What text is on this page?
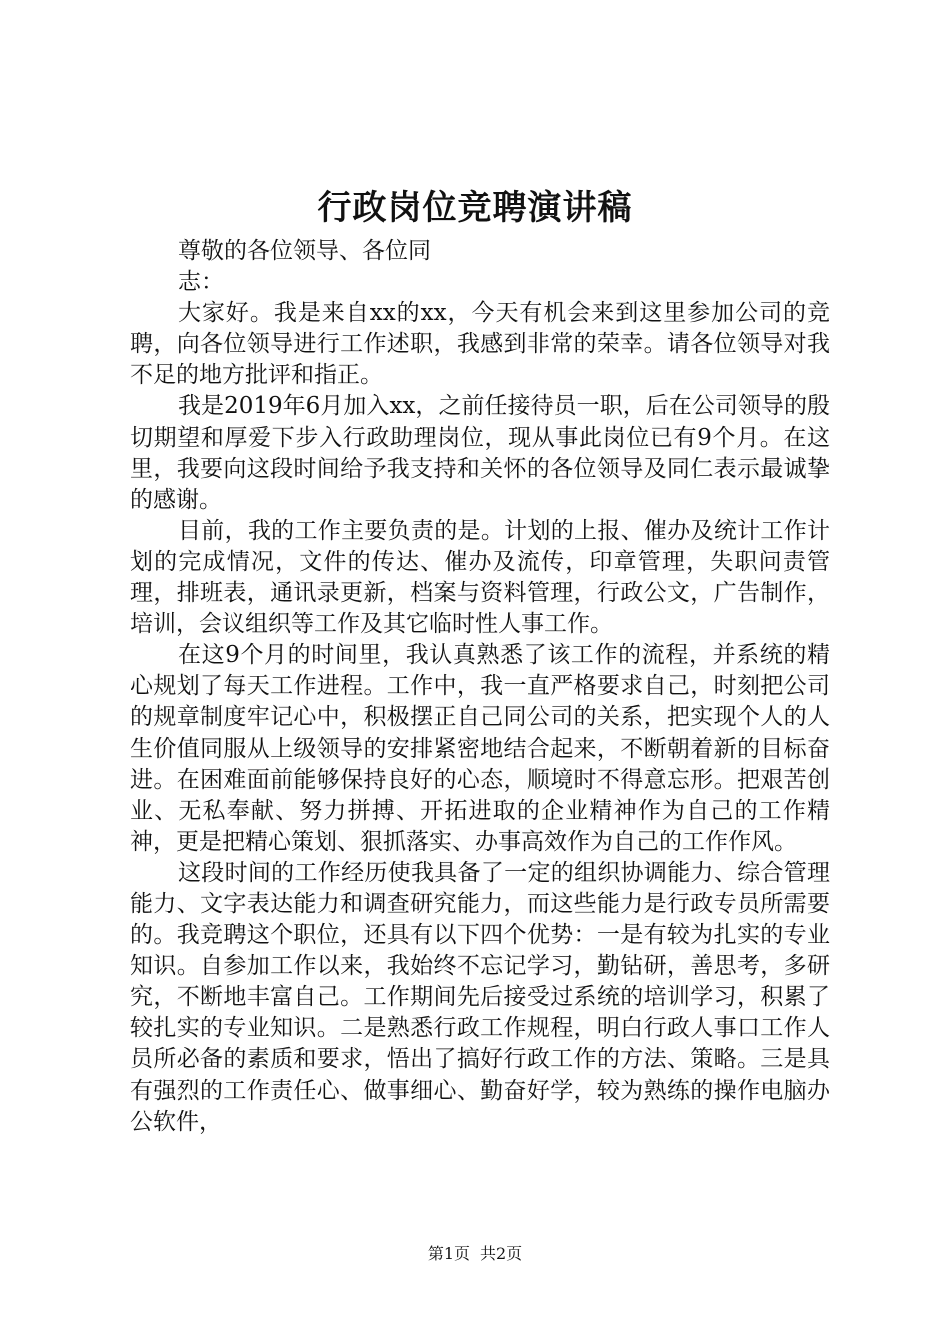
行政岗位竞聘演讲稿

尊敬的各位领导、各位同志：

大家好。我是来自xx的xx，今天有机会来到这里参加公司的竞聘，向各位领导进行工作述职，我感到非常的荣幸。请各位领导对我不足的地方批评和指正。

我是2019年6月加入xx，之前任接待员一职，后在公司领导的殷切期望和厚爱下步入行政助理岗位，现从事此岗位已有9个月。在这里，我要向这段时间给予我支持和关怀的各位领导及同仁表示最诚挚的感谢。

目前，我的工作主要负责的是。计划的上报、催办及统计工作计划的完成情况，文件的传达、催办及流传，印章管理，失职问责管理，排班表，通讯录更新，档案与资料管理，行政公文，广告制作，培训，会议组织等工作及其它临时性人事工作。

在这9个月的时间里，我认真熟悉了该工作的流程，并系统的精心规划了每天工作进程。工作中，我一直严格要求自己，时刻把公司的规章制度牢记心中，积极摆正自己同公司的关系，把实现个人的人生价值同服从上级领导的安排紧密地结合起来，不断朝着新的目标奋进。在困难面前能够保持良好的心态，顺境时不得意忘形。把艰苦创业、无私奉献、努力拼搏、开拓进取的企业精神作为自己的工作精神，更是把精心策划、狠抓落实、办事高效作为自己的工作作风。

这段时间的工作经历使我具备了一定的组织协调能力、综合管理能力、文字表达能力和调查研究能力，而这些能力是行政专员所需要的。我竞聘这个职位，还具有以下四个优势：一是有较为扎实的专业知识。自参加工作以来，我始终不忘记学习，勤钻研，善思考，多研究，不断地丰富自己。工作期间先后接受过系统的培训学习，积累了较扎实的专业知识。二是熟悉行政工作规程，明白行政人事口工作人员所必备的素质和要求，悟出了搞好行政工作的方法、策略。三是具有强烈的工作责任心、做事细心、勤奋好学，较为熟练的操作电脑办公软件，

第1页 共2页
